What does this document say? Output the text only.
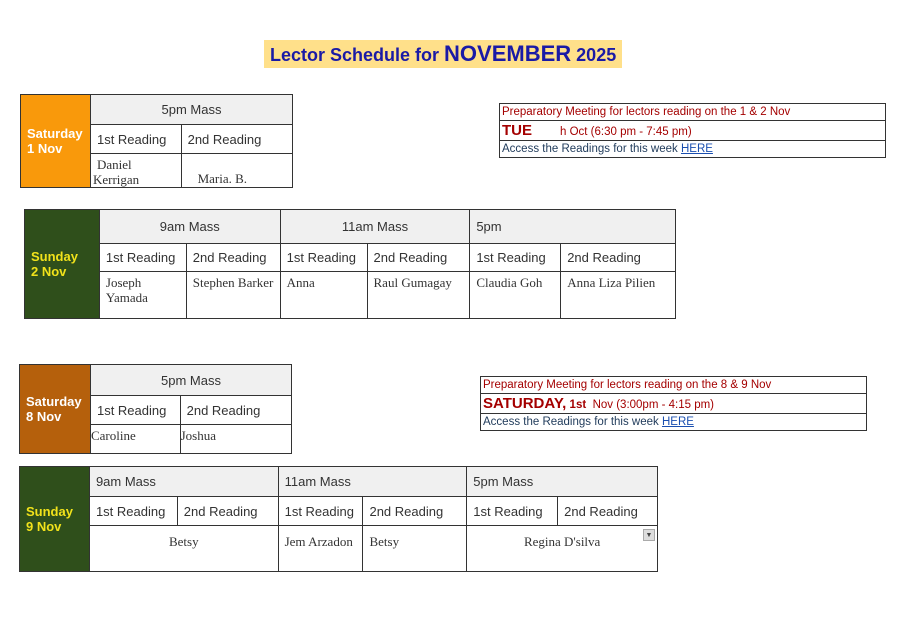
Lector Schedule for NOVEMBER 2025
Saturday
1 Nov	5pm Mass	
	1st Reading	2nd Reading
	Daniel Kerrigan	Maria. B.
Preparatory Meeting for lectors reading on the 1 & 2 Nov
TUE h Oct (6:30 pm - 7:45 pm)
Access the Readings for this week HERE
Sunday
2 Nov	9am Mass		11am Mass		5pm	
	1st Reading	2nd Reading	1st Reading	2nd Reading	1st Reading	2nd Reading
	Joseph Yamada	Stephen Barker	Anna	Raul Gumagay	Claudia Goh	Anna Liza Pilien
Saturday
8 Nov	5pm Mass	
	1st Reading	2nd Reading
	Caroline	Joshua
Preparatory Meeting for lectors reading on the 8 & 9 Nov
SATURDAY, 1st  Nov (3:00pm - 4:15 pm)
Access the Readings for this week HERE
Sunday
9 Nov	9am Mass		11am Mass		5pm Mass	
	1st Reading	2nd Reading	1st Reading	2nd Reading	1st Reading	2nd Reading
	Betsy		Jem Arzadon	Betsy	Regina D'silva ▼	
